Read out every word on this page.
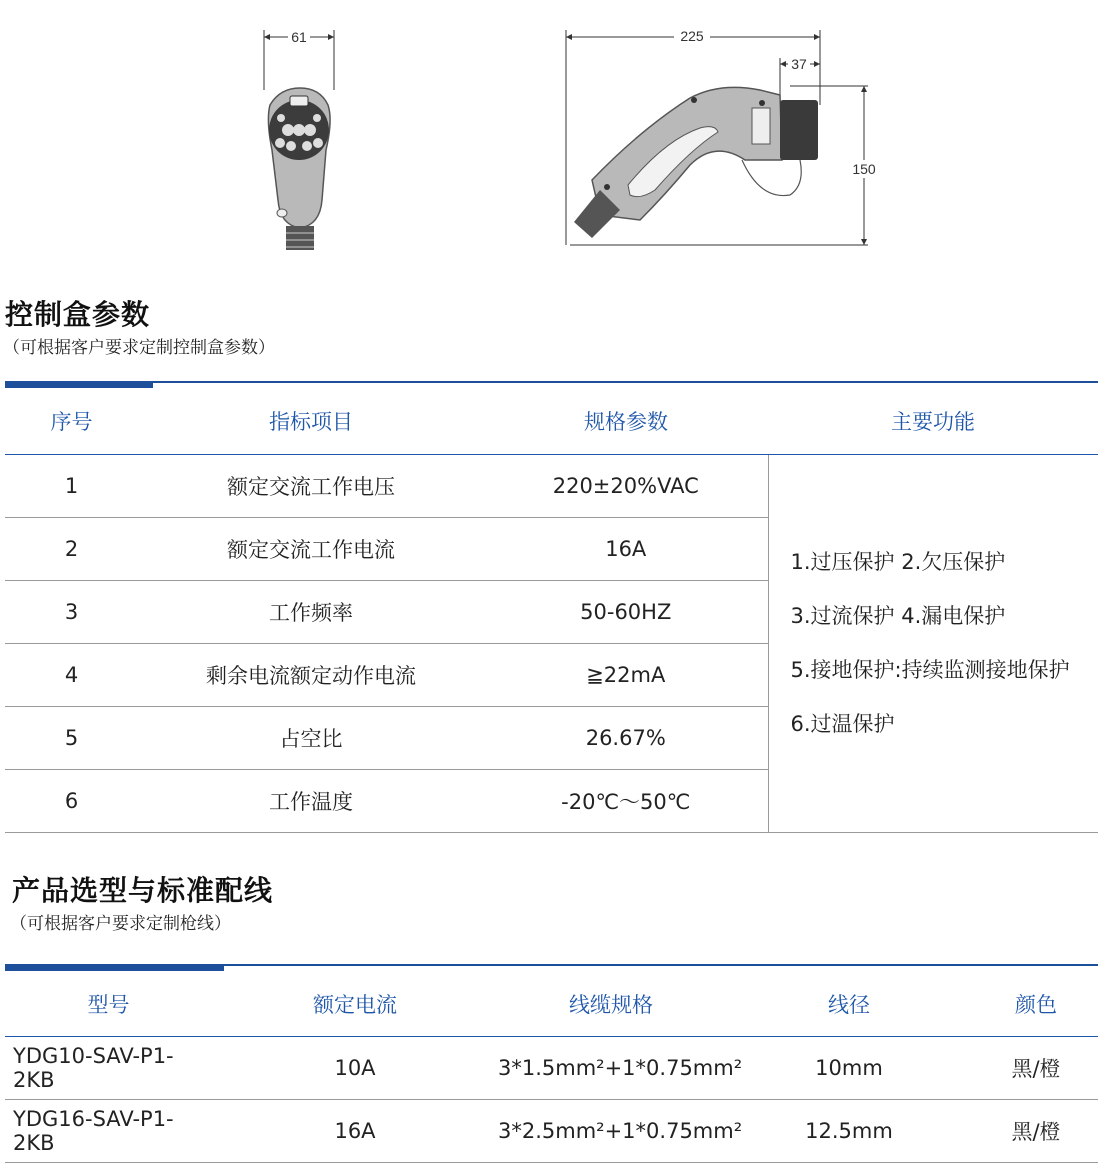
61	225
37
150
控制盒参数
（可根据客户要求定制控制盒参数）
序号	指标项目	规格参数	主要功能
1	额定交流工作电压	220±20%VAC	1.过压保护 2.欠压保护
3.过流保护 4.漏电保护
5.接地保护:持续监测接地保护
6.过温保护

2	额定交流工作电流	16A	
3	工作频率	50-60HZ	
4	剩余电流额定动作电流	≧22mA	
5	占空比	26.67%	
6	工作温度	-20℃～50℃	
产品选型与标准配线
（可根据客户要求定制枪线）
型号	额定电流	线缆规格	线径	颜色
YDG10-SAV-P1-2KB	10A	3*1.5mm²+1*0.75mm²	10mm	黑/橙
YDG16-SAV-P1-2KB	16A	3*2.5mm²+1*0.75mm²	12.5mm	黑/橙
